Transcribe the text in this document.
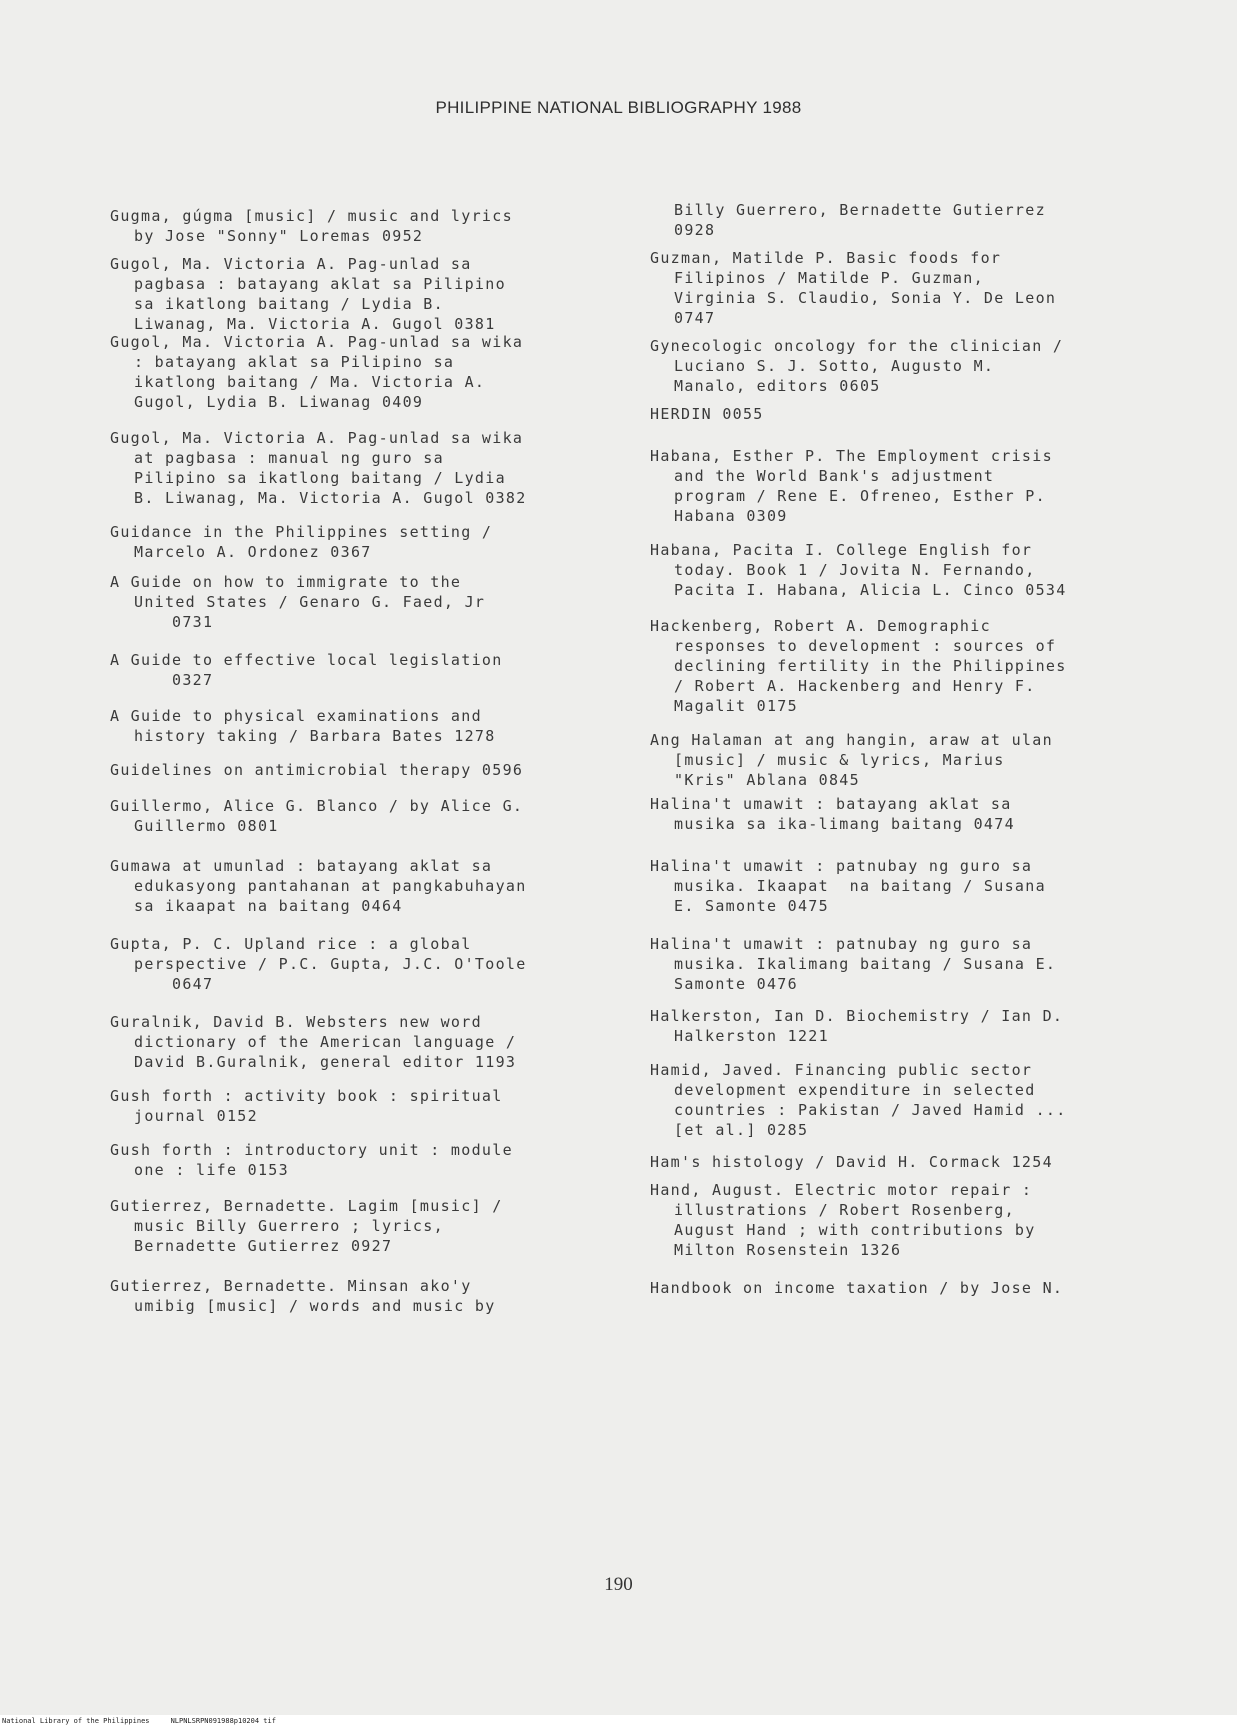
PHILIPPINE NATIONAL BIBLIOGRAPHY 1988
Gugma, gúgma [music] / music and lyrics
by Jose "Sonny" Loremas 0952
Gugol, Ma. Victoria A. Pag-unlad sa
pagbasa : batayang aklat sa Pilipino
sa ikatlong baitang / Lydia B.
Liwanag, Ma. Victoria A. Gugol 0381
Gugol, Ma. Victoria A. Pag-unlad sa wika
: batayang aklat sa Pilipino sa
ikatlong baitang / Ma. Victoria A.
Gugol, Lydia B. Liwanag 0409
Gugol, Ma. Victoria A. Pag-unlad sa wika
at pagbasa : manual ng guro sa
Pilipino sa ikatlong baitang / Lydia
B. Liwanag, Ma. Victoria A. Gugol 0382
Guidance in the Philippines setting /
Marcelo A. Ordonez 0367
A Guide on how to immigrate to the
United States / Genaro G. Faed, Jr
0731
A Guide to effective local legislation
0327
A Guide to physical examinations and
history taking / Barbara Bates 1278
Guidelines on antimicrobial therapy 0596
Guillermo, Alice G. Blanco / by Alice G.
Guillermo 0801
Gumawa at umunlad : batayang aklat sa
edukasyong pantahanan at pangkabuhayan
sa ikaapat na baitang 0464
Gupta, P. C. Upland rice : a global
perspective / P.C. Gupta, J.C. O'Toole
0647
Guralnik, David B. Websters new word
dictionary of the American language /
David B.Guralnik, general editor 1193
Gush forth : activity book : spiritual
journal 0152
Gush forth : introductory unit : module
one : life 0153
Gutierrez, Bernadette. Lagim [music] /
music Billy Guerrero ; lyrics,
Bernadette Gutierrez 0927
Gutierrez, Bernadette. Minsan ako'y
umibig [music] / words and music by
Billy Guerrero, Bernadette Gutierrez
0928
Guzman, Matilde P. Basic foods for
Filipinos / Matilde P. Guzman,
Virginia S. Claudio, Sonia Y. De Leon
0747
Gynecologic oncology for the clinician /
Luciano S. J. Sotto, Augusto M.
Manalo, editors 0605
HERDIN 0055
Habana, Esther P. The Employment crisis
and the World Bank's adjustment
program / Rene E. Ofreneo, Esther P.
Habana 0309
Habana, Pacita I. College English for
today. Book 1 / Jovita N. Fernando,
Pacita I. Habana, Alicia L. Cinco 0534
Hackenberg, Robert A. Demographic
responses to development : sources of
declining fertility in the Philippines
/ Robert A. Hackenberg and Henry F.
Magalit 0175
Ang Halaman at ang hangin, araw at ulan
[music] / music & lyrics, Marius
"Kris" Ablana 0845
Halina't umawit : batayang aklat sa
musika sa ika-limang baitang 0474
Halina't umawit : patnubay ng guro sa
musika. Ikaapat  na baitang / Susana
E. Samonte 0475
Halina't umawit : patnubay ng guro sa
musika. Ikalimang baitang / Susana E.
Samonte 0476
Halkerston, Ian D. Biochemistry / Ian D.
Halkerston 1221
Hamid, Javed. Financing public sector
development expenditure in selected
countries : Pakistan / Javed Hamid ...
[et al.] 0285
Ham's histology / David H. Cormack 1254
Hand, August. Electric motor repair :
illustrations / Robert Rosenberg,
August Hand ; with contributions by
Milton Rosenstein 1326
Handbook on income taxation / by Jose N.
190
National Library of the Philippines     NLPNLSRPN091988p10204 tif
